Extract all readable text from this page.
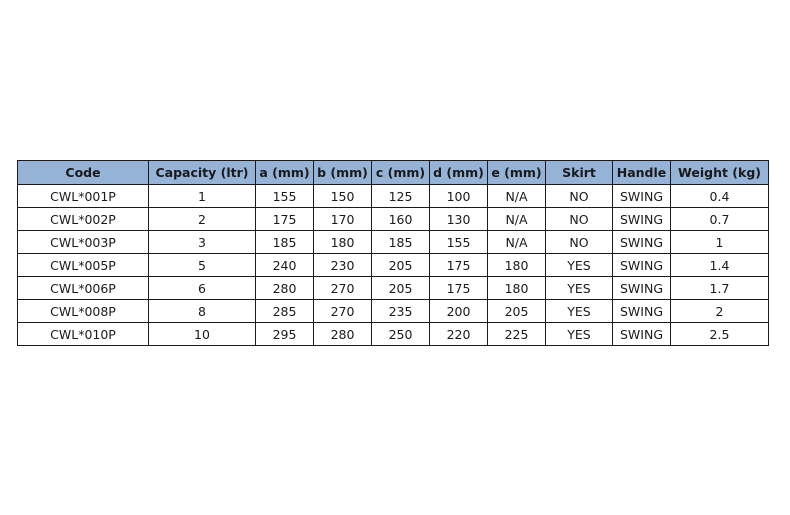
Code	Capacity (ltr)	a (mm)	b (mm)	c (mm)	d (mm)	e (mm)	Skirt	Handle	Weight (kg)
CWL*001P	1	155	150	125	100	N/A	NO	SWING	0.4
CWL*002P	2	175	170	160	130	N/A	NO	SWING	0.7
CWL*003P	3	185	180	185	155	N/A	NO	SWING	1
CWL*005P	5	240	230	205	175	180	YES	SWING	1.4
CWL*006P	6	280	270	205	175	180	YES	SWING	1.7
CWL*008P	8	285	270	235	200	205	YES	SWING	2
CWL*010P	10	295	280	250	220	225	YES	SWING	2.5
